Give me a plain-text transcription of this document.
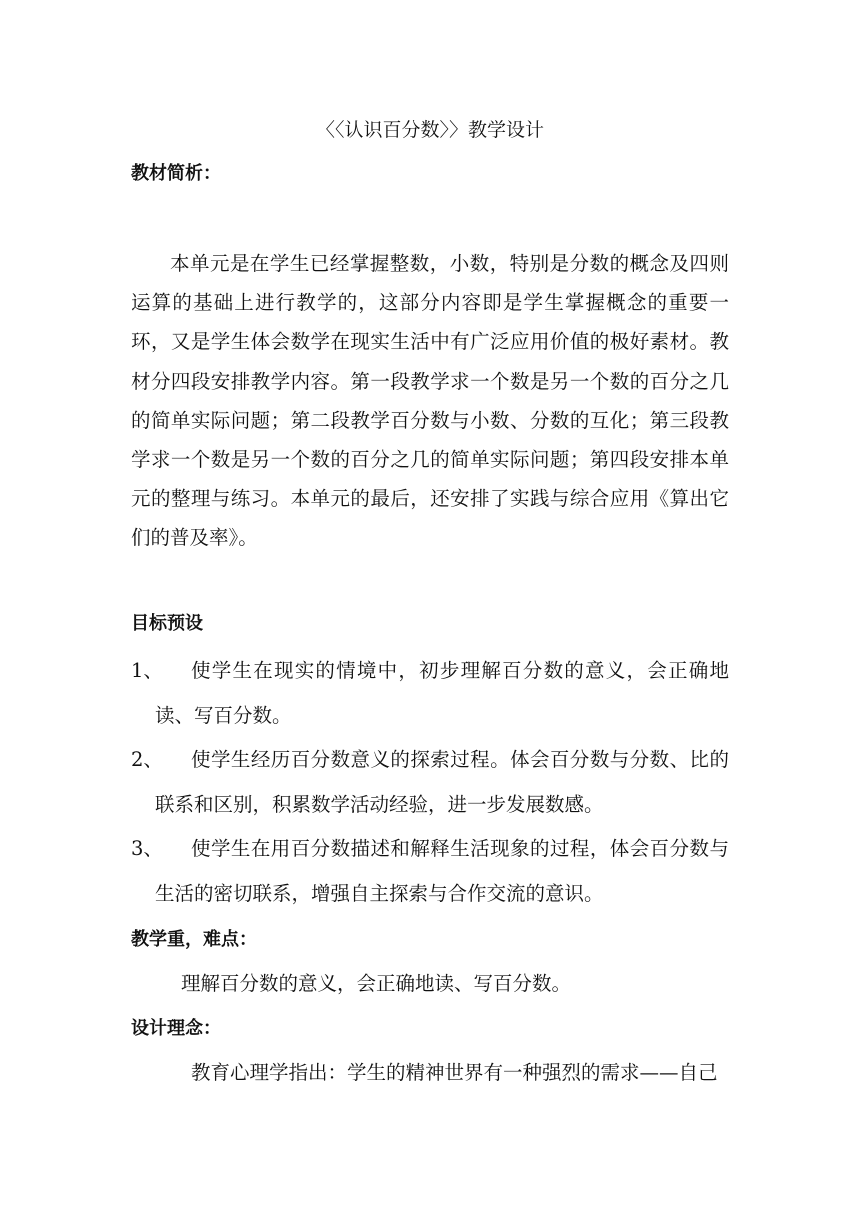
〈〈认识百分数〉〉教学设计
教材简析：
本单元是在学生已经掌握整数，小数，特别是分数的概念及四则运算的基础上进行教学的，这部分内容即是学生掌握概念的重要一环，又是学生体会数学在现实生活中有广泛应用价值的极好素材。教材分四段安排教学内容。第一段教学求一个数是另一个数的百分之几的简单实际问题；第二段教学百分数与小数、分数的互化；第三段教学求一个数是另一个数的百分之几的简单实际问题；第四段安排本单元的整理与练习。本单元的最后，还安排了实践与综合应用《算出它们的普及率》。
目标预设
1、	使学生在现实的情境中，初步理解百分数的意义，会正确地读、写百分数。
2、	使学生经历百分数意义的探索过程。体会百分数与分数、比的联系和区别，积累数学活动经验，进一步发展数感。
3、	使学生在用百分数描述和解释生活现象的过程，体会百分数与生活的密切联系，增强自主探索与合作交流的意识。
教学重，难点：
理解百分数的意义，会正确地读、写百分数。
设计理念：
教育心理学指出：学生的精神世界有一种强烈的需求——自己
